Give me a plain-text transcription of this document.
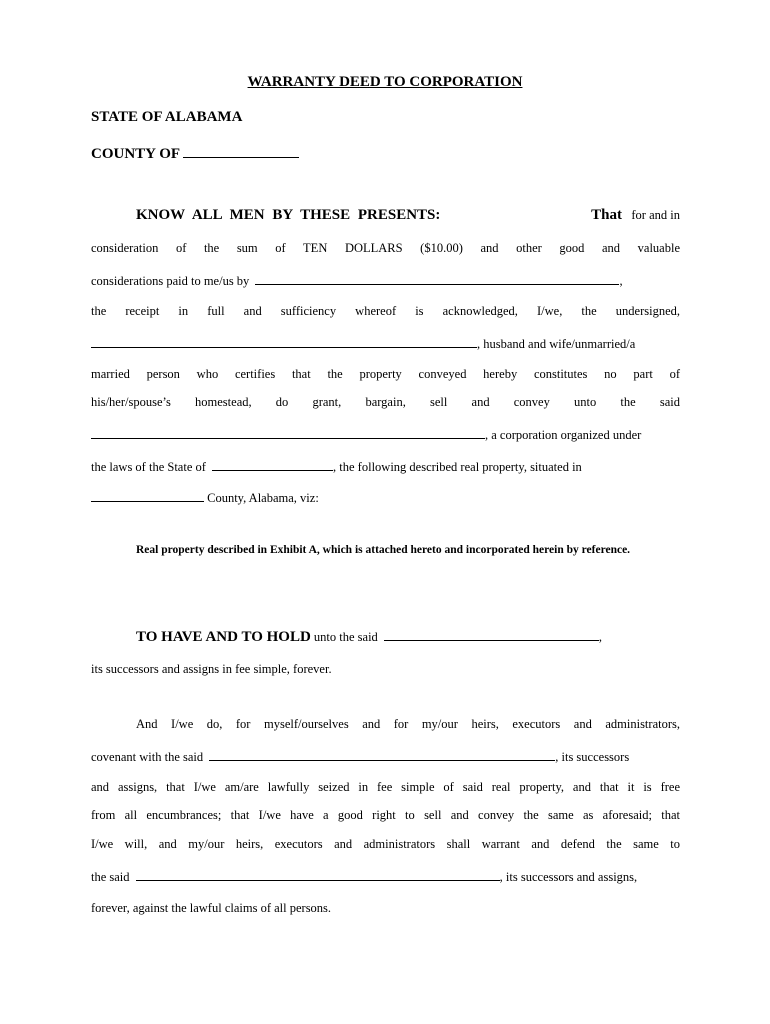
WARRANTY DEED TO CORPORATION
STATE OF ALABAMA
COUNTY OF
KNOW ALL MEN BY THESE PRESENTS:	That for and in
consideration of the sum of TEN DOLLARS ($10.00) and other good and valuable
considerations paid to me/us by	,
the receipt in full and sufficiency whereof is acknowledged, I/we, the undersigned,
, husband and wife/unmarried/a
married person who certifies that the property conveyed hereby constitutes no part of
his/her/spouse’s homestead, do grant, bargain, sell and convey unto the said
, a corporation organized under
the laws of the State of	, the following described real property, situated in
County, Alabama, viz:
Real property described in Exhibit A, which is attached hereto and incorporated herein by reference.
TO HAVE AND TO HOLD unto the said	,
its successors and assigns in fee simple, forever.
And I/we do, for myself/ourselves and for my/our heirs, executors and administrators,
covenant with the said	, its successors
and assigns, that I/we am/are lawfully seized in fee simple of said real property, and that it is free
from all encumbrances; that I/we have a good right to sell and convey the same as aforesaid; that
I/we will, and my/our heirs, executors and administrators shall warrant and defend the same to
the said	, its successors and assigns,
forever, against the lawful claims of all persons.
